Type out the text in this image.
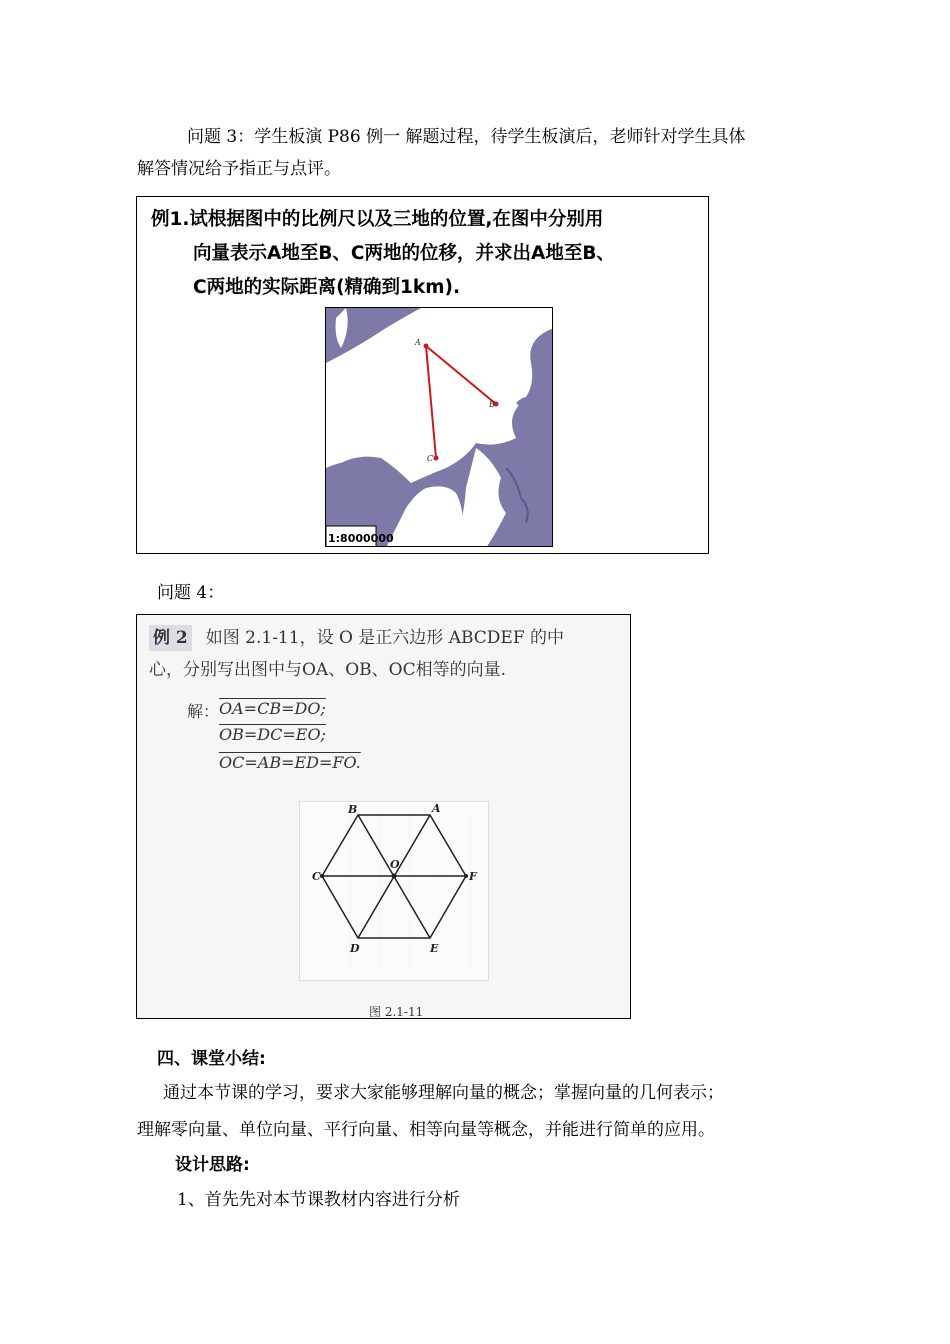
问题 3：学生板演 P86 例一 解题过程，待学生板演后，老师针对学生具体
解答情况给予指正与点评。
例1.试根据图中的比例尺以及三地的位置,在图中分别用
向量表示A地至B、C两地的位移，并求出A地至B、
C两地的实际距离(精确到1km).
A
B
C
1:8000000
问题 4：
例 2 如图 2.1-11，设 O 是正六边形 ABCDEF 的中
心，分别写出图中与OA、OB、OC相等的向量.
解： OA=CB=DO;
OB=DC=EO;
OC=AB=ED=FO.
A
B
C
D	E
F
O
图 2.1-11
四、课堂小结:
通过本节课的学习，要求大家能够理解向量的概念；掌握向量的几何表示；
理解零向量、单位向量、平行向量、相等向量等概念，并能进行简单的应用。
设计思路:
1、首先先对本节课教材内容进行分析
